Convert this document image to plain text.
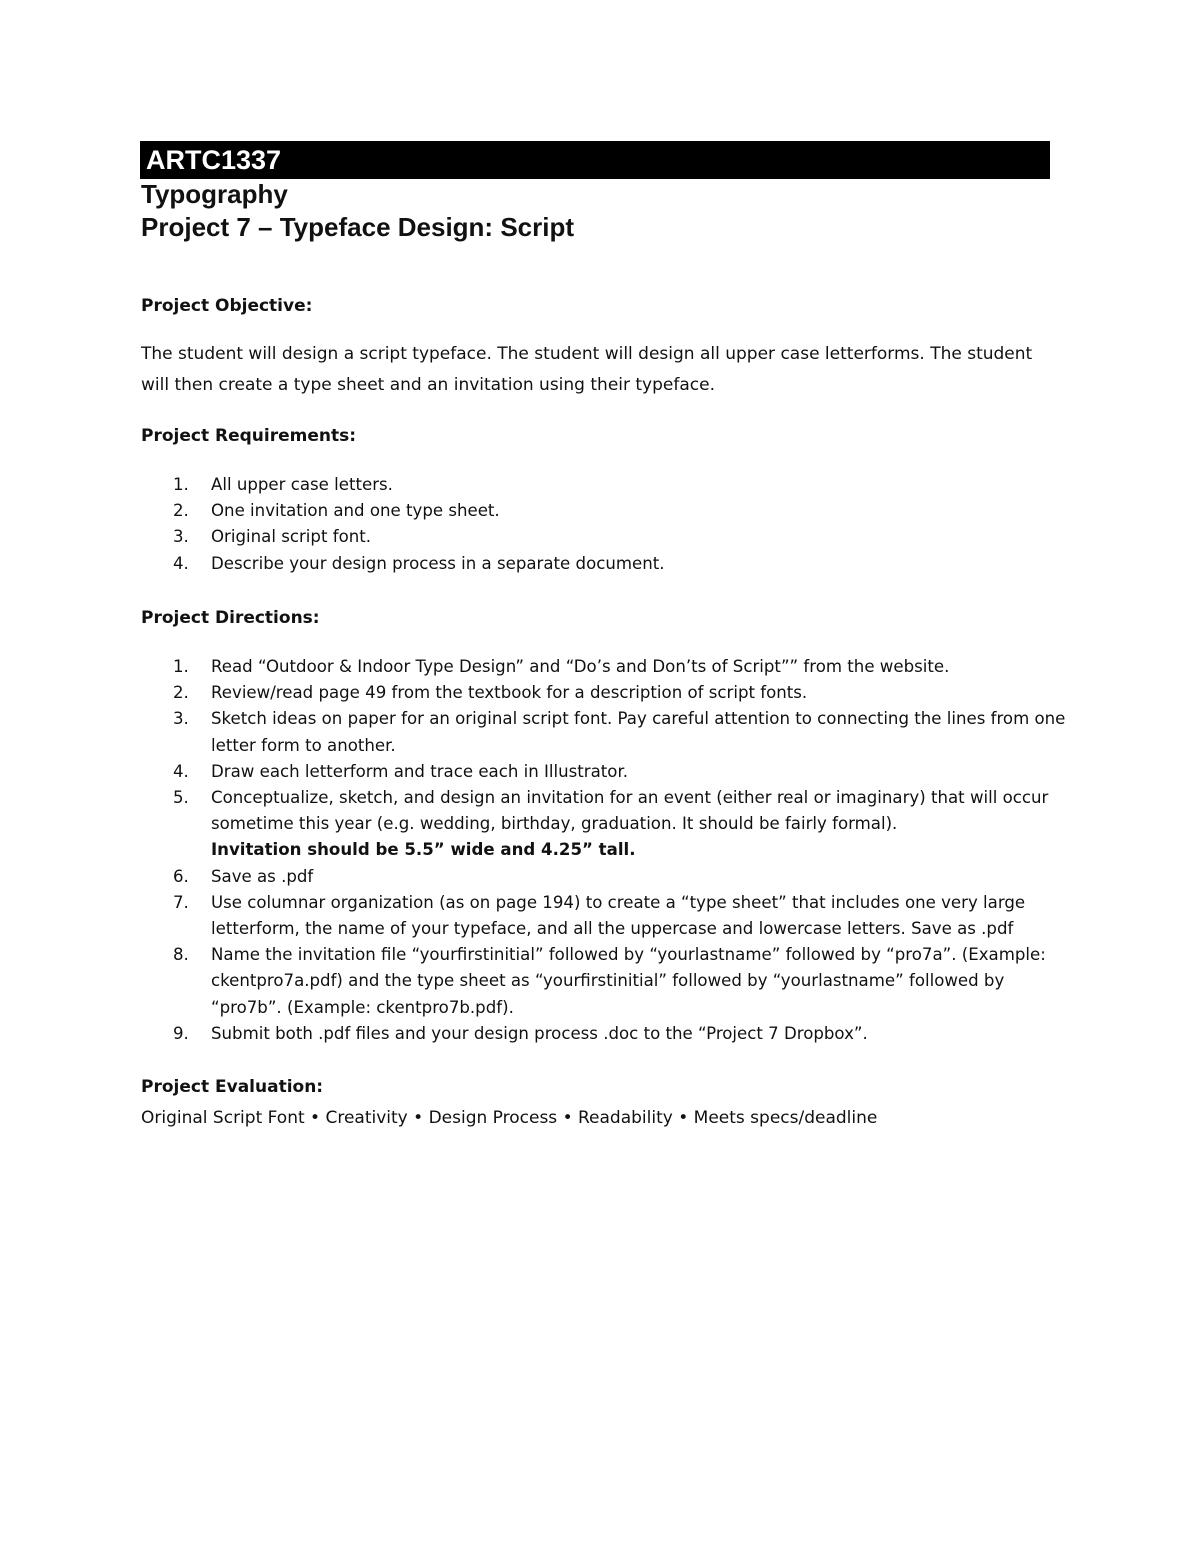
ARTC1337
Typography
Project 7 – Typeface Design: Script
Project Objective:
The student will design a script typeface. The student will design all upper case letterforms. The student will then create a type sheet and an invitation using their typeface.
Project Requirements:
1. All upper case letters.
2. One invitation and one type sheet.
3. Original script font.
4. Describe your design process in a separate document.
Project Directions:
1. Read “Outdoor & Indoor Type Design” and “Do’s and Don’ts of Script”” from the website.
2. Review/read page 49 from the textbook for a description of script fonts.
3. Sketch ideas on paper for an original script font. Pay careful attention to connecting the lines from one letter form to another.
4. Draw each letterform and trace each in Illustrator.
5. Conceptualize, sketch, and design an invitation for an event (either real or imaginary) that will occur sometime this year (e.g. wedding, birthday, graduation. It should be fairly formal).
Invitation should be 5.5” wide and 4.25” tall.
6. Save as .pdf
7. Use columnar organization (as on page 194) to create a “type sheet” that includes one very large letterform, the name of your typeface, and all the uppercase and lowercase letters. Save as .pdf
8. Name the invitation file “yourfirstinitial” followed by “yourlastname” followed by “pro7a”. (Example: ckentpro7a.pdf) and the type sheet as “yourfirstinitial” followed by “yourlastname” followed by “pro7b”. (Example: ckentpro7b.pdf).
9. Submit both .pdf files and your design process .doc to the “Project 7 Dropbox”.
Project Evaluation:
Original Script Font • Creativity • Design Process • Readability • Meets specs/deadline
